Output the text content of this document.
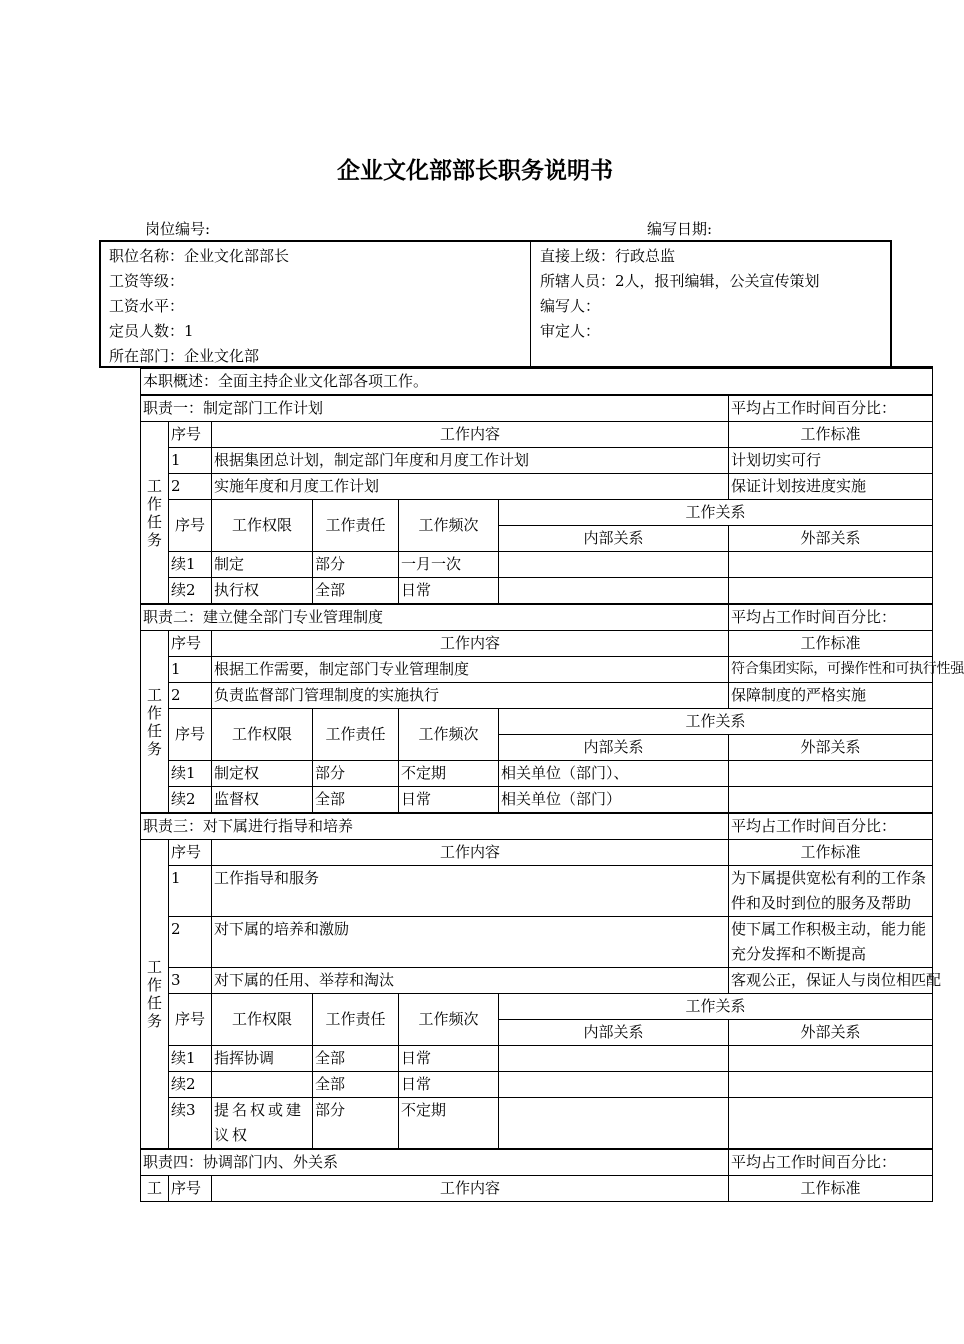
企业文化部部长职务说明书
岗位编号:	编写日期:
职位名称：企业文化部部长
工资等级：
工资水平：
定员人数：1
所在部门：企业文化部
直接上级：行政总监
所辖人员：2人，报刊编辑，公关宣传策划
编写人：
审定人：
本职概述：全面主持企业文化部各项工作。						
职责一：制定部门工作计划						平均占工作时间百分比：
工作任务	序号	工作内容				工作标准
	1	根据集团总计划，制定部门年度和月度工作计划				计划切实可行
	2	实施年度和月度工作计划				保证计划按进度实施
	序号	工作权限	工作责任	工作频次	工作关系	
					内部关系	外部关系
	续1	制定	部分	一月一次		
	续2	执行权	全部	日常		
职责二：建立健全部门专业管理制度						平均占工作时间百分比：
工作任务	序号	工作内容				工作标准
	1	根据工作需要，制定部门专业管理制度				符合集团实际，可操作性和可执行性强
	2	负责监督部门管理制度的实施执行				保障制度的严格实施
	序号	工作权限	工作责任	工作频次	工作关系	
					内部关系	外部关系
	续1	制定权	部分	不定期	相关单位（部门）、	
	续2	监督权	全部	日常	相关单位（部门）	
职责三：对下属进行指导和培养						平均占工作时间百分比：
工作任务	序号	工作内容				工作标准
	1	工作指导和服务				为下属提供宽松有利的工作条件和及时到位的服务及帮助
	2	对下属的培养和激励				使下属工作积极主动，能力能充分发挥和不断提高
	3	对下属的任用、举荐和淘汰				客观公正，保证人与岗位相匹配
	序号	工作权限	工作责任	工作频次	工作关系	
					内部关系	外部关系
	续1	指挥协调	全部	日常		
	续2		全部	日常		
	续3	提名权或建议权	部分	不定期		
职责四：协调部门内、外关系						平均占工作时间百分比：
工	序号	工作内容				工作标准
